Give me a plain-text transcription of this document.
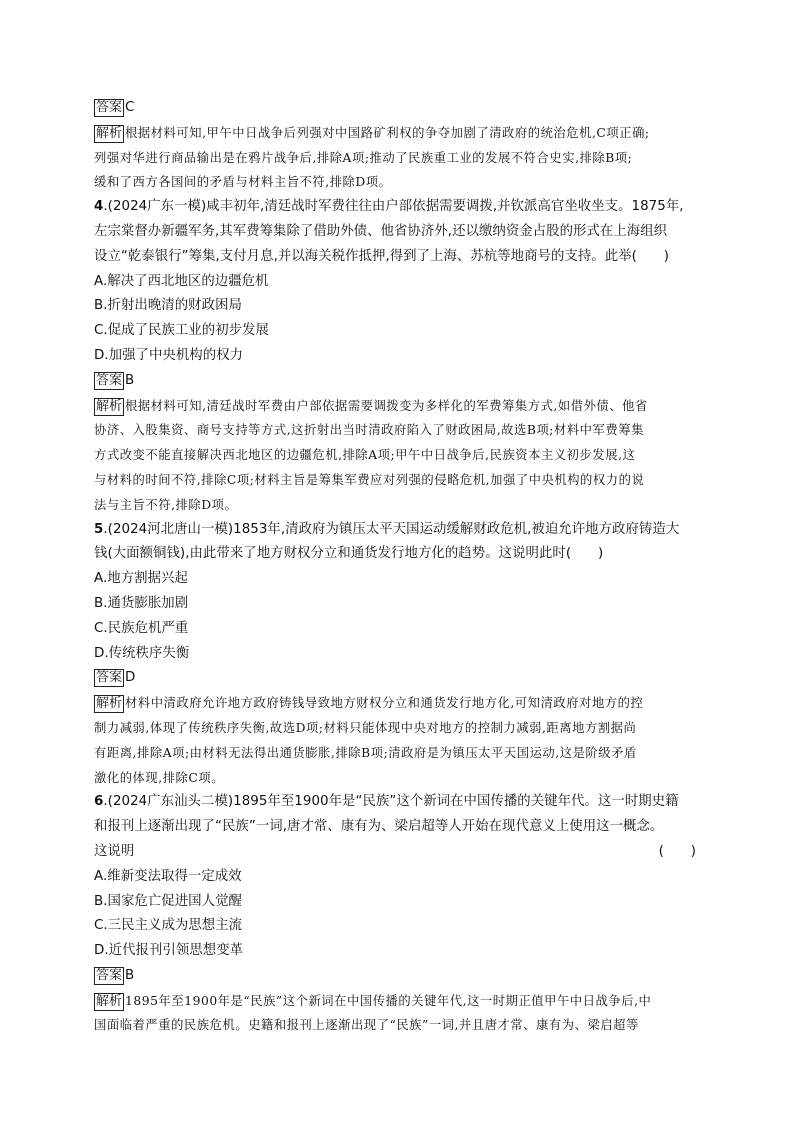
答案 C
解析 根据材料可知,甲午中日战争后列强对中国路矿利权的争夺加剧了清政府的统治危机,C项正确;
列强对华进行商品输出是在鸦片战争后,排除A项;推动了民族重工业的发展不符合史实,排除B项;
缓和了西方各国间的矛盾与材料主旨不符,排除D项。
4.(2024广东一模)咸丰初年,清廷战时军费往往由户部依据需要调拨,并钦派高官坐收坐支。1875年,
左宗棠督办新疆军务,其军费筹集除了借助外债、他省协济外,还以缴纳资金占股的形式在上海组织
设立“乾泰银行”筹集,支付月息,并以海关税作抵押,得到了上海、苏杭等地商号的支持。此举(　　)
A.解决了西北地区的边疆危机
B.折射出晚清的财政困局
C.促成了民族工业的初步发展
D.加强了中央机构的权力
答案 B
解析 根据材料可知,清廷战时军费由户部依据需要调拨变为多样化的军费筹集方式,如借外债、他省
协济、入股集资、商号支持等方式,这折射出当时清政府陷入了财政困局,故选B项;材料中军费筹集
方式改变不能直接解决西北地区的边疆危机,排除A项;甲午中日战争后,民族资本主义初步发展,这
与材料的时间不符,排除C项;材料主旨是筹集军费应对列强的侵略危机,加强了中央机构的权力的说
法与主旨不符,排除D项。
5.(2024河北唐山一模)1853年,清政府为镇压太平天国运动缓解财政危机,被迫允许地方政府铸造大
钱(大面额铜钱),由此带来了地方财权分立和通货发行地方化的趋势。这说明此时(　　)
A.地方割据兴起
B.通货膨胀加剧
C.民族危机严重
D.传统秩序失衡
答案 D
解析 材料中清政府允许地方政府铸钱导致地方财权分立和通货发行地方化,可知清政府对地方的控
制力减弱,体现了传统秩序失衡,故选D项;材料只能体现中央对地方的控制力减弱,距离地方割据尚
有距离,排除A项;由材料无法得出通货膨胀,排除B项;清政府是为镇压太平天国运动,这是阶级矛盾
激化的体现,排除C项。
6.(2024广东汕头二模)1895年至1900年是“民族”这个新词在中国传播的关键年代。这一时期史籍
和报刊上逐渐出现了“民族”一词,唐才常、康有为、梁启超等人开始在现代意义上使用这一概念。
这说明	(　　)
A.维新变法取得一定成效
B.国家危亡促进国人觉醒
C.三民主义成为思想主流
D.近代报刊引领思想变革
答案 B
解析 1895年至1900年是“民族”这个新词在中国传播的关键年代,这一时期正值甲午中日战争后,中
国面临着严重的民族危机。史籍和报刊上逐渐出现了“民族”一词,并且唐才常、康有为、梁启超等
